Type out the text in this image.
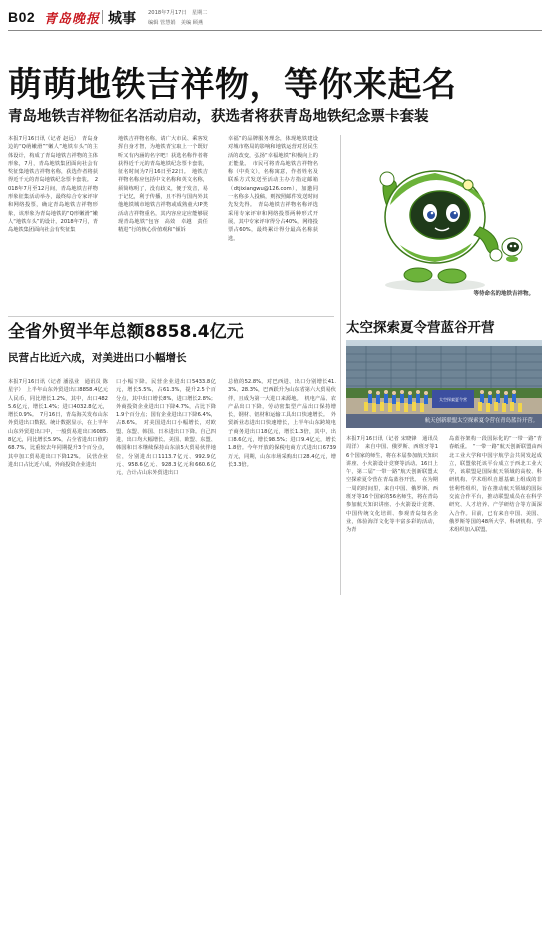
B02 青岛晚报 城事 2018年7月17日　星期二
编辑 管慧娟　美编 顾燕
萌萌地铁吉祥物，等你来起名
青岛地铁吉祥物征名活动启动，获选者将获青岛地铁纪念票卡套装

本报7月16日讯（记者 赵远）　青岛身边的“Q萌嫩滑”“嫩人”地铁车头”的主体设计，构成了青岛地铁吉祥物的主体形象，7月，青岛地铁集团面向社会有奖征集地铁吉祥物名称，获选作者将获得近千元的青岛地铁纪念票卡套装。　2018年7月至12月间，青岛地铁吉祥物形象征集活动举办，最终综合专家评审和网络投票，确定青岛地铁吉祥物形象，该形象为青岛地铁的“Q形嫩滑”嫩人“地铁车头”的设计，2018年7月，青岛地铁集团面向社会有奖征集

地铁吉祥物名称，请广大市民、乘客发挥自身才智，为地铁青宝取上一个既好听又有内涵的名字吧！获选名称作者将获得近千元的青岛地铁纪念票卡套装，征名时间为7月16日至22日。　地铁吉祥物名称应包括中文名称和英文名称，须简练明了，没有歧义，便于发音，易于记忆，利于传播，且不得与国内外其他地铁城市地铁吉祥物或成熟童大IP类活动吉祥物重名，其内容应定应能够展现青岛地铁“包容　高效　卓越　责任　精进”行的核心价值观和“倾诉

幸福”的品牌服务理念，体现地铁建设对城市格局的影响和地铁运营对居民生活的改变，弘扬“幸福地铁”积极向上的正能量。　市民可将青岛地铁吉祥物名称（中英文），名称寓意，作者姓名及联系方式发送至活动主办方指定邮箱（dtjixiangwu@126.com），加邀同一名称多人投稿，则按照邮件发送时间先发先得。　青岛地铁吉祥物名称评选采用专家评审和网络投票两种形式开展，其中专家评审得分占40%，网络投票占60%，最终累计得分最高名称获选。

等待命名的地铁吉祥物。
太空探索夏令营蓝谷开营
太空探索夏令营
航天创新联盟太空探索夏令营在青岛蓝谷开营。

本报7月16日讯（记者 宋晓锋　通讯员 周洋）　来自中国、俄罗斯、西班牙等16个国家的师生，将在本届参加航天知识讲座、小火箭设计竞赛等活动。16日上午，第二届“一带一路”航天创新联盟太空探索夏令营在青岛蓝谷开营。　在为期一周的时间里，来自中国、俄罗斯、西班牙等16个国家的56名师生，将在青岛参加航天知识讲座、小火箭设计竞赛、中国传统文化培训、参观青岛知名企业，体验海洋文化等丰富多彩的活动，为青

岛蓝谷架构一段国际化的“一带一路”青春纸重。　“一带一路”航天创新联盟由西北工业大学和中国宇航学会共同发起成立，联盟依托该平台成立于西北工业大学，该联盟是国际航天领域的高校、科研机构、学术组织自愿基础上组成的非营利性组织，旨在推动航天领域的国际交流合作平台，推动联盟成员在在科学研究、人才培养、产学研结合等方面深入合作。目前，已有来自中国、美国、俄罗斯等国的48所大学、科研机构、学术组织加入联盟。

全省外贸半年总额8858.4亿元
民营占比近六成，对美进出口小幅增长

本报7月16日讯（记者 潘泓业　通讯员 陈星宇）　上半年山东外贸进出口8858.4亿元人民币，同比增长1.2%，其中，出口4825.6亿元，增长1.4%；进口4032.8亿元，增长0.9%。　7月16日，青岛海关发布山东外贸进出口数据。统计数据显示，在上半年山东外贸进出口中，一般贸易进出口6085.8亿元，同比增长5.9%，占全省进出口值的68.7%，比重较去年同期提升3个百分点，其中加工贸易进出口下降12%。　民营企业进出口占比近六成，外商投资企业进出

口小幅下降。民营企业进出口5433.8亿元，增长5.5%，占61.3%，提升2.5个百分点，其中出口增长8%，进口增长2.8%；外商投资企业进出口下降4.7%，占比下降1.9个百分点；国有企业进出口下降6.4%，占8.6%。　对美国进出口小幅增长，对欧盟、东盟、韩国、日本进出口下降。自己四进，出口均大幅增长。美国、欧盟、东盟、韩国和日本继续保持山东前5大贸易伙伴地位，分别进出口1113.7亿元、992.9亿元、958.6亿元、928.3亿元和660.6亿元，合计占山东外贸进出口

总值的52.8%。对巴西进、出口分别增长41.3%、28.3%，巴西跃升为山东省第六大贸易伙伴，且成为第一大进口来源地。　机电产品、农产品出口下降，劳动密集型产品出口保持增长，钢材、铝材和运输工具出口快速增长。　外贸新业态进出口快速增长，上半年山东跨境电子商务进出口18亿元，增长1.3倍，其中，出口8.6亿元，增长98.5%；进口9.4亿元，增长1.8倍。今年开放的保税电商方式进出口6739万元，同期，山东市场采购出口28.4亿元，增长3.3倍。
